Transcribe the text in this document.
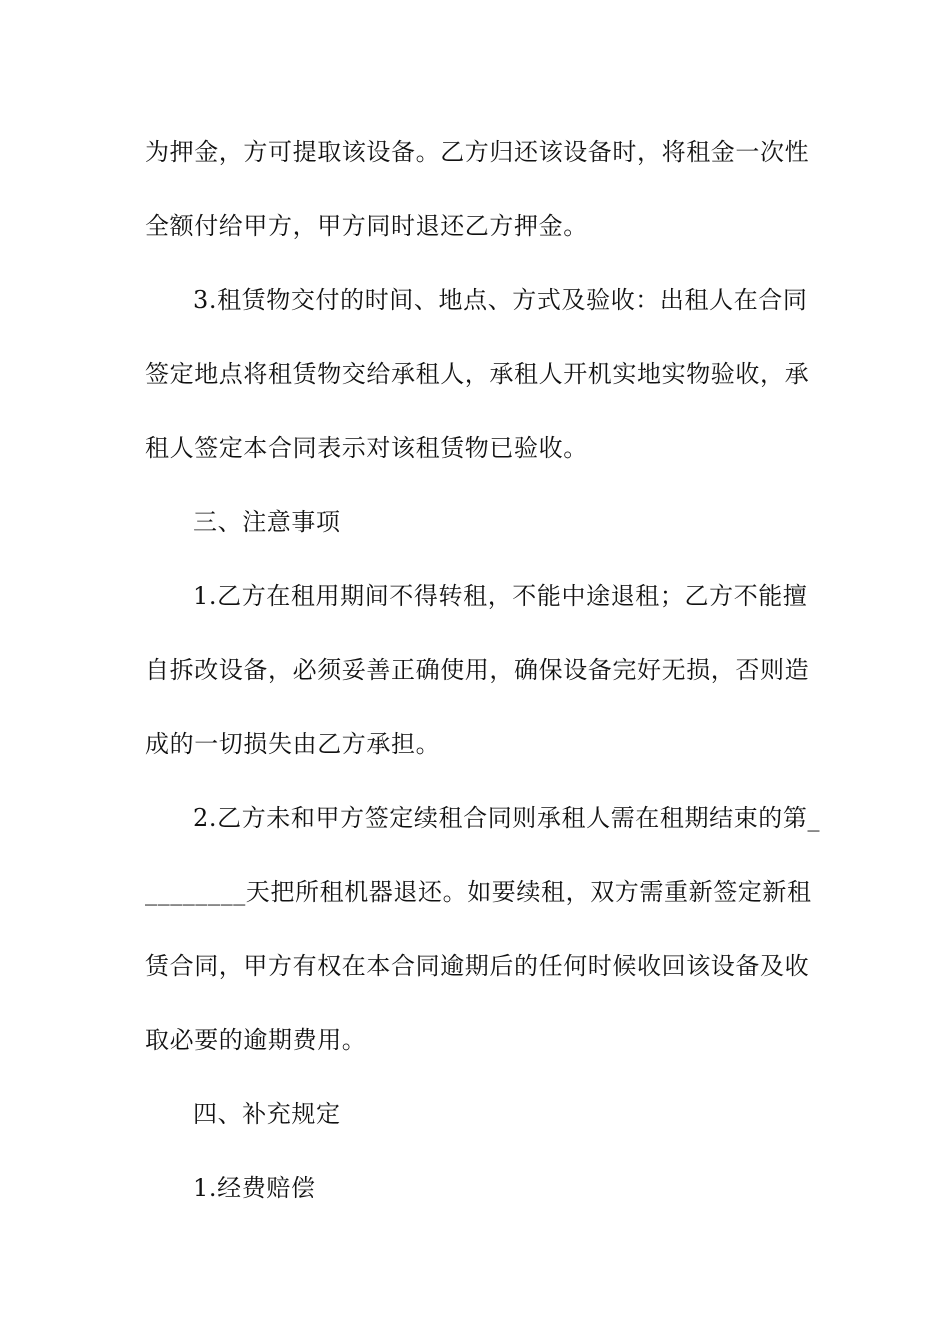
为押金，方可提取该设备。乙方归还该设备时，将租金一次性
全额付给甲方，甲方同时退还乙方押金。
3.租赁物交付的时间、地点、方式及验收：出租人在合同
签定地点将租赁物交给承租人，承租人开机实地实物验收，承
租人签定本合同表示对该租赁物已验收。
三、注意事项
1.乙方在租用期间不得转租，不能中途退租；乙方不能擅
自拆改设备，必须妥善正确使用，确保设备完好无损，否则造
成的一切损失由乙方承担。
2.乙方未和甲方签定续租合同则承租人需在租期结束的第_
________天把所租机器退还。如要续租，双方需重新签定新租
赁合同，甲方有权在本合同逾期后的任何时候收回该设备及收
取必要的逾期费用。
四、补充规定
1.经费赔偿
